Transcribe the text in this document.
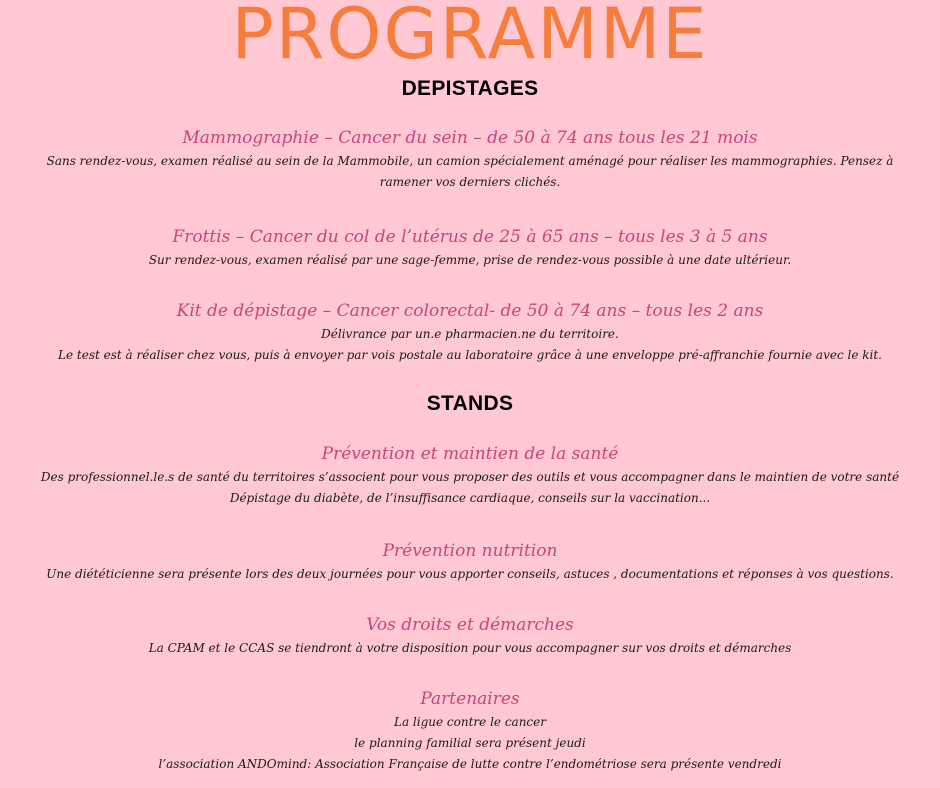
PROGRAMME
DEPISTAGES
Mammographie – Cancer du sein – de 50 à 74 ans tous les 21 mois
Sans rendez-vous, examen réalisé au sein de la Mammobile, un camion spécialement aménagé pour réaliser les mammographies. Pensez à
ramener vos derniers clichés.
Frottis – Cancer du col de l’utérus de 25 à 65 ans – tous les 3 à 5 ans
Sur rendez-vous, examen réalisé par une sage-femme, prise de rendez-vous possible à une date ultérieur.
Kit de dépistage – Cancer colorectal- de 50 à 74 ans – tous les 2 ans
Délivrance par un.e pharmacien.ne du territoire.
Le test est à réaliser chez vous, puis à envoyer par vois postale au laboratoire grâce à une enveloppe pré-affranchie fournie avec le kit.
STANDS
Prévention et maintien de la santé
Des professionnel.le.s de santé du territoires s’associent pour vous proposer des outils et vous accompagner dans le maintien de votre santé
Dépistage du diabète, de l’insuffisance cardiaque, conseils sur la vaccination...
Prévention nutrition
Une diététicienne sera présente lors des deux journées pour vous apporter conseils, astuces , documentations et réponses à vos questions.
Vos droits et démarches
La CPAM et le CCAS se tiendront à votre disposition pour vous accompagner sur vos droits et démarches
Partenaires
La ligue contre le cancer
le planning familial sera présent jeudi
l’association ANDOmind: Association Française de lutte contre l’endométriose sera présente vendredi
